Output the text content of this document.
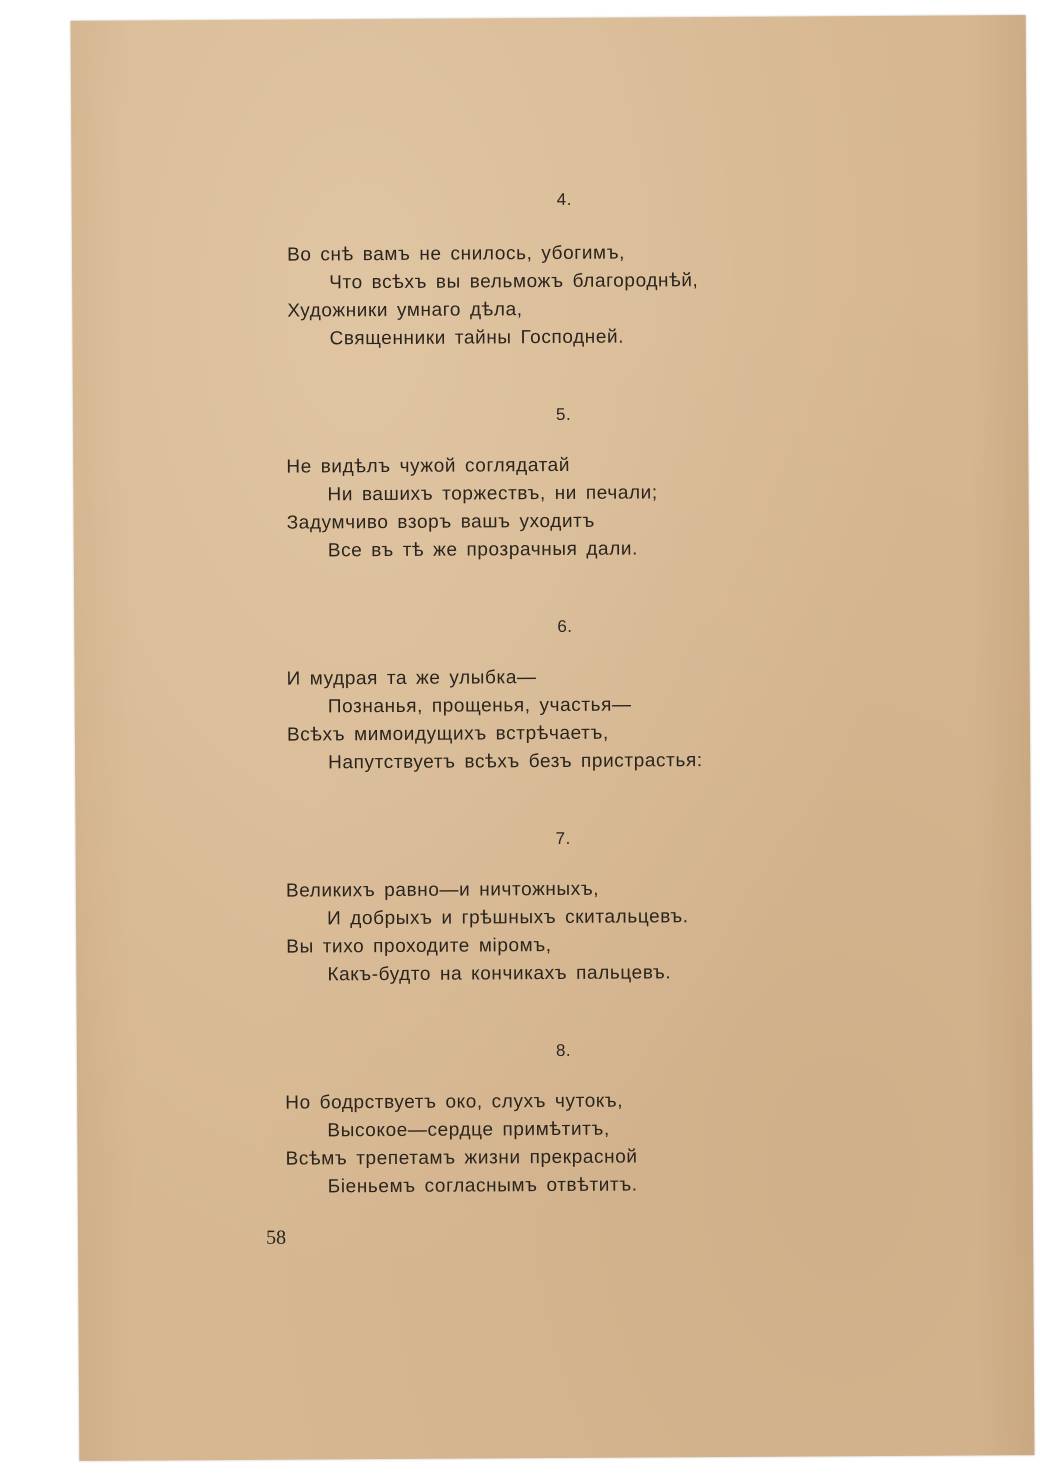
4.
Во снѣ вамъ не снилось, убогимъ,
Что всѣхъ вы вельможъ благороднѣй,
Художники умнаго дѣла,
Священники тайны Господней.
5.
Не видѣлъ чужой соглядатай
Ни вашихъ торжествъ, ни печали;
Задумчиво взоръ вашъ уходитъ
Все въ тѣ же прозрачныя дали.
6.
И мудрая та же улыбка—
Познанья, прощенья, участья—
Всѣхъ мимоидущихъ встрѣчаетъ,
Напутствуетъ всѣхъ безъ пристрастья:
7.
Великихъ равно—и ничтожныхъ,
И добрыхъ и грѣшныхъ скитальцевъ.
Вы тихо проходите міромъ,
Какъ-будто на кончикахъ пальцевъ.
8.
Но бодрствуетъ око, слухъ чутокъ,
Высокое—сердце примѣтитъ,
Всѣмъ трепетамъ жизни прекрасной
Біеньемъ согласнымъ отвѣтитъ.
58
